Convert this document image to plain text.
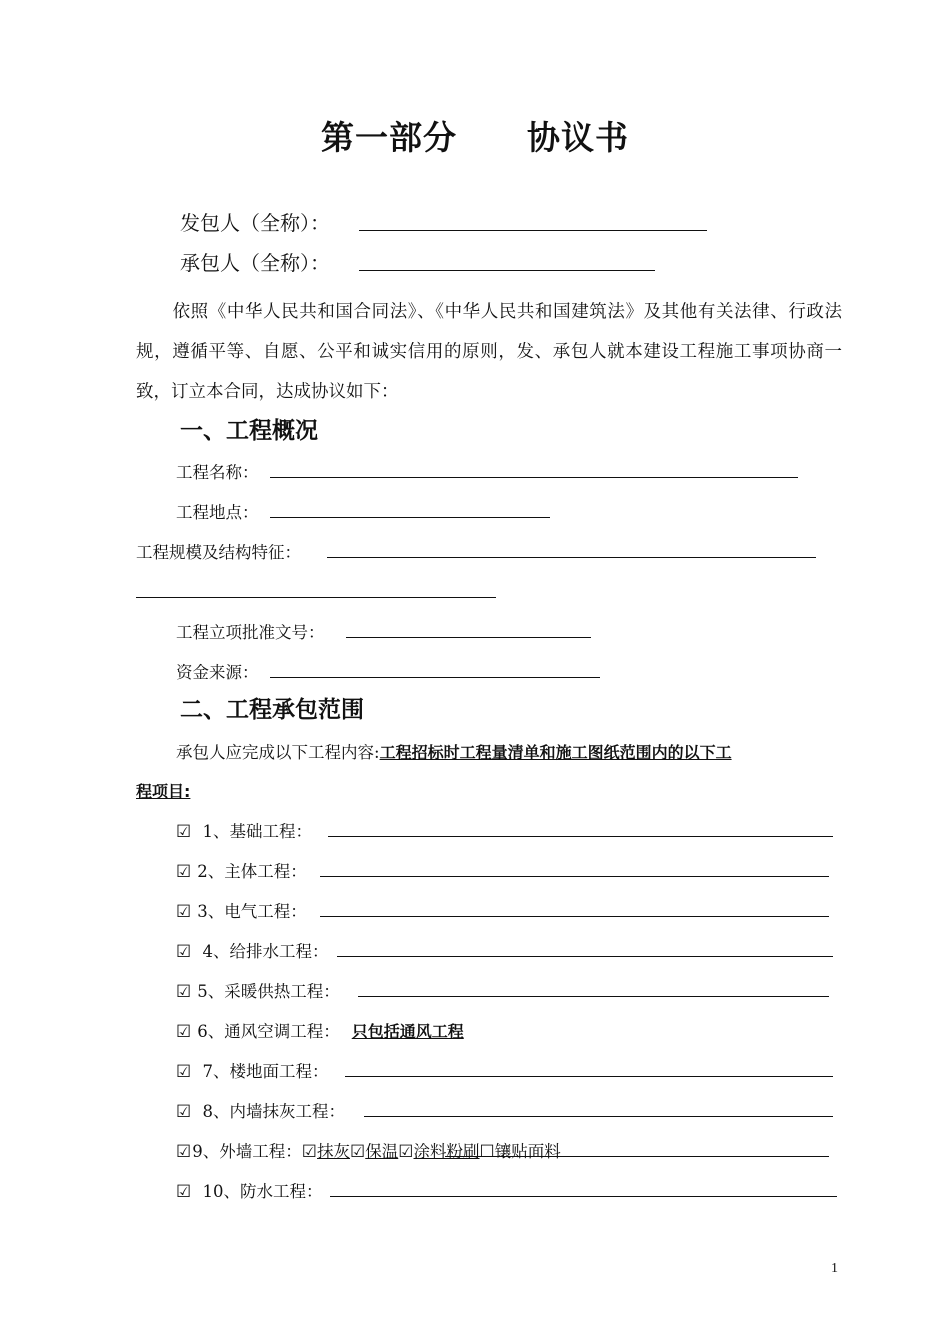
第一部分 协议书
发包人（全称）：
承包人（全称）：
依照《中华人民共和国合同法》、《中华人民共和国建筑法》及其他有关法律、行政法规，遵循平等、自愿、公平和诚实信用的原则，发、承包人就本建设工程施工事项协商一致，订立本合同，达成协议如下：
一、工程概况
工程名称：
工程地点：
工程规模及结构特征：
工程立项批准文号：
资金来源：
二、工程承包范围
承包人应完成以下工程内容:工程招标时工程量清单和施工图纸范围内的以下工
程项目:
☑ 1、基础工程：
☑ 2、主体工程：
☑ 3、电气工程：
☑ 4、给排水工程：
☑ 5、采暖供热工程：
☑ 6、通风空调工程： 只包括通风工程
☑ 7、楼地面工程：
☑ 8、内墙抹灰工程：
☑9、外墙工程：☑抹灰☑保温☑涂料粉刷☐镶贴面料
☑ 10、防水工程：
1
